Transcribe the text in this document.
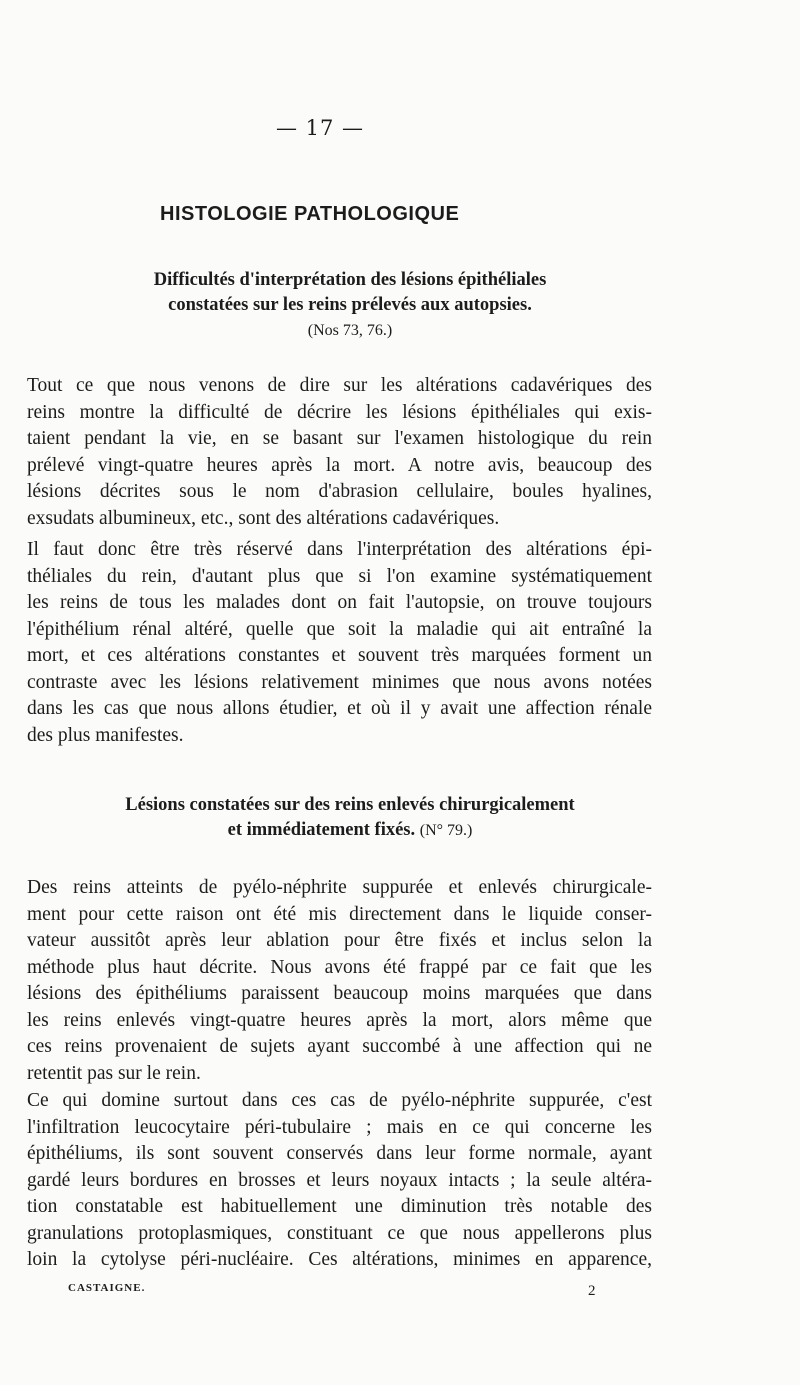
— 17 —
HISTOLOGIE PATHOLOGIQUE
Difficultés d'interprétation des lésions épithéliales
constatées sur les reins prélevés aux autopsies.
(Nos 73, 76.)
Tout ce que nous venons de dire sur les altérations cadavériques des
reins montre la difficulté de décrire les lésions épithéliales qui exis-
taient pendant la vie, en se basant sur l'examen histologique du rein
prélevé vingt-quatre heures après la mort. A notre avis, beaucoup des
lésions décrites sous le nom d'abrasion cellulaire, boules hyalines,
exsudats albumineux, etc., sont des altérations cadavériques.
Il faut donc être très réservé dans l'interprétation des altérations épi-
théliales du rein, d'autant plus que si l'on examine systématiquement
les reins de tous les malades dont on fait l'autopsie, on trouve toujours
l'épithélium rénal altéré, quelle que soit la maladie qui ait entraîné la
mort, et ces altérations constantes et souvent très marquées forment un
contraste avec les lésions relativement minimes que nous avons notées
dans les cas que nous allons étudier, et où il y avait une affection rénale
des plus manifestes.
Lésions constatées sur des reins enlevés chirurgicalement
et immédiatement fixés. (N° 79.)
Des reins atteints de pyélo-néphrite suppurée et enlevés chirurgicale-
ment pour cette raison ont été mis directement dans le liquide conser-
vateur aussitôt après leur ablation pour être fixés et inclus selon la
méthode plus haut décrite. Nous avons été frappé par ce fait que les
lésions des épithéliums paraissent beaucoup moins marquées que dans
les reins enlevés vingt-quatre heures après la mort, alors même que
ces reins provenaient de sujets ayant succombé à une affection qui ne
retentit pas sur le rein.
Ce qui domine surtout dans ces cas de pyélo-néphrite suppurée, c'est
l'infiltration leucocytaire péri-tubulaire ; mais en ce qui concerne les
épithéliums, ils sont souvent conservés dans leur forme normale, ayant
gardé leurs bordures en brosses et leurs noyaux intacts ; la seule altéra-
tion constatable est habituellement une diminution très notable des
granulations protoplasmiques, constituant ce que nous appellerons plus
loin la cytolyse péri-nucléaire. Ces altérations, minimes en apparence,
CASTAIGNE.	2
